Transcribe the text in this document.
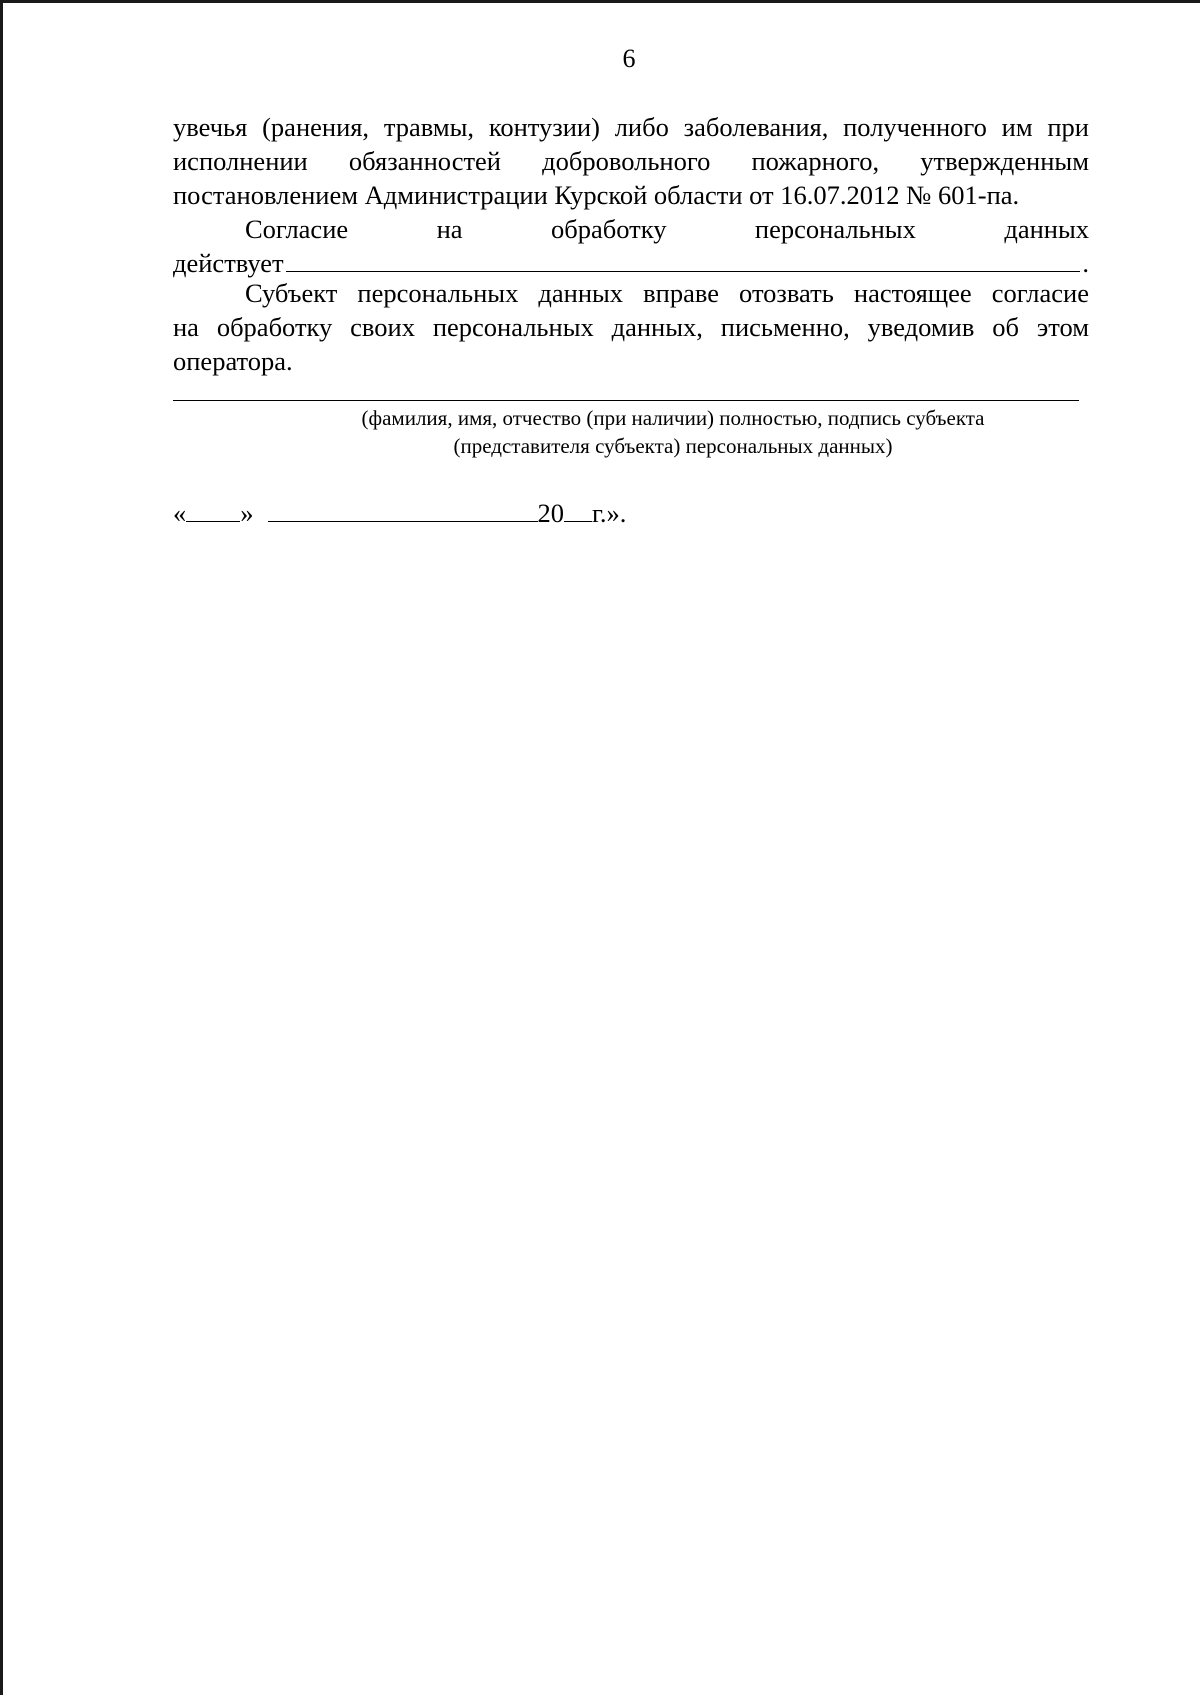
6
увечья (ранения, травмы, контузии) либо заболевания, полученного им при
исполнении обязанностей добровольного пожарного, утвержденным
постановлением Администрации Курской области от 16.07.2012 № 601-па.
Согласие на обработку персональных данных
действует	.
Субъект персональных данных вправе отозвать настоящее согласие
на обработку своих персональных данных, письменно, уведомив об этом
оператора.
(фамилия, имя, отчество (при наличии) полностью, подпись субъекта
(представителя субъекта) персональных данных)
« »	20 г.».
